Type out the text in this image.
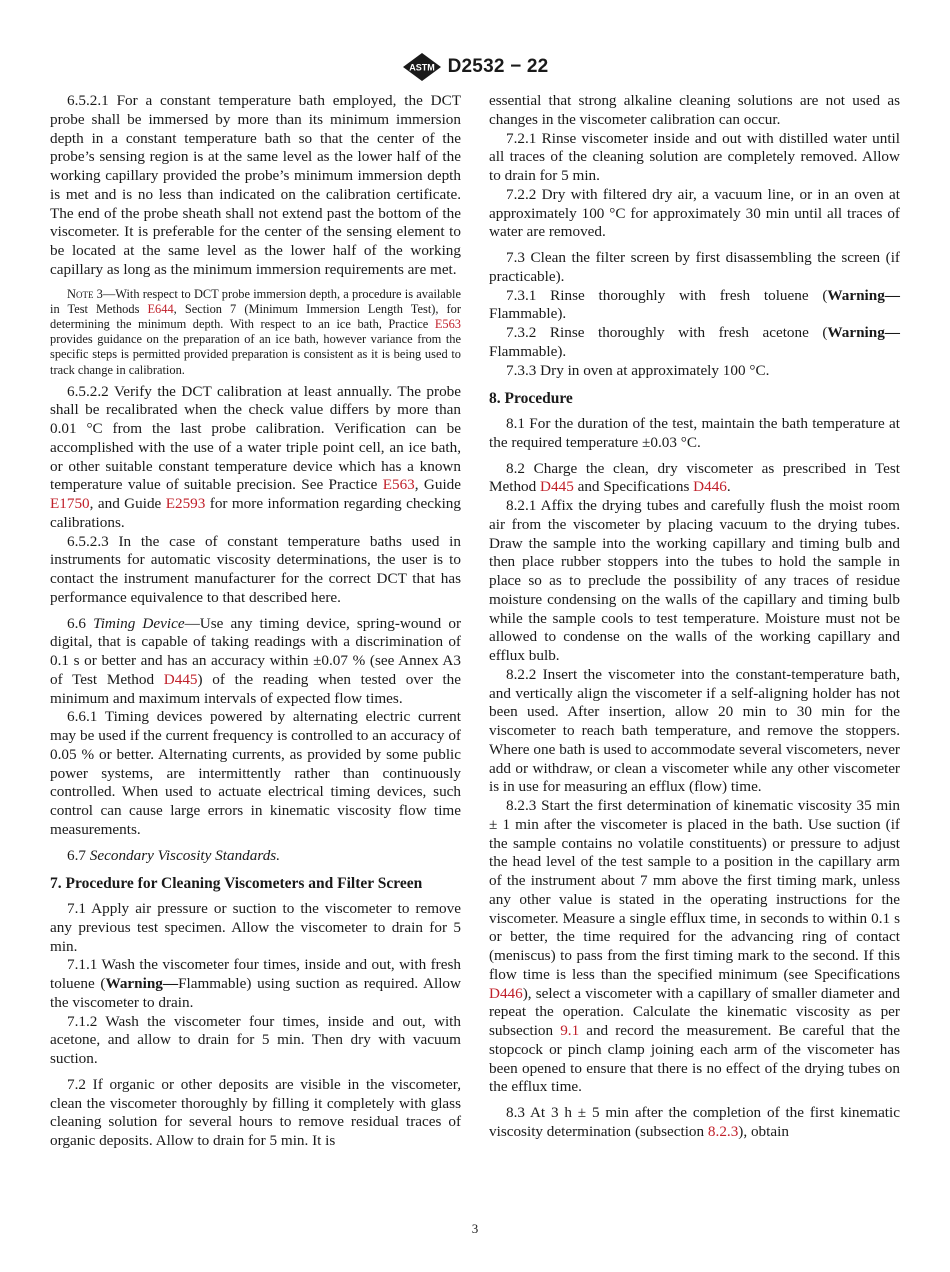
ASTM D2532 − 22

6.5.2.1 For a constant temperature bath employed, the DCT probe shall be immersed by more than its minimum immersion depth in a constant temperature bath so that the center of the probe’s sensing region is at the same level as the lower half of the working capillary provided the probe’s minimum immersion depth is met and is no less than indicated on the calibration certificate. The end of the probe sheath shall not extend past the bottom of the viscometer. It is preferable for the center of the sensing element to be located at the same level as the lower half of the working capillary as long as the minimum immersion requirements are met.

Note 3—With respect to DCT probe immersion depth, a procedure is available in Test Methods E644, Section 7 (Minimum Immersion Length Test), for determining the minimum depth. With respect to an ice bath, Practice E563 provides guidance on the preparation of an ice bath, however variance from the specific steps is permitted provided preparation is consistent as it is being used to track change in calibration.

6.5.2.2 Verify the DCT calibration at least annually. The probe shall be recalibrated when the check value differs by more than 0.01 °C from the last probe calibration. Verification can be accomplished with the use of a water triple point cell, an ice bath, or other suitable constant temperature device which has a known temperature value of suitable precision. See Practice E563, Guide E1750, and Guide E2593 for more information regarding checking calibrations.

6.5.2.3 In the case of constant temperature baths used in instruments for automatic viscosity determinations, the user is to contact the instrument manufacturer for the correct DCT that has performance equivalence to that described here.

6.6 Timing Device—Use any timing device, spring-wound or digital, that is capable of taking readings with a discrimination of 0.1 s or better and has an accuracy within ±0.07 % (see Annex A3 of Test Method D445) of the reading when tested over the minimum and maximum intervals of expected flow times.

6.6.1 Timing devices powered by alternating electric current may be used if the current frequency is controlled to an accuracy of 0.05 % or better. Alternating currents, as provided by some public power systems, are intermittently rather than continuously controlled. When used to actuate electrical timing devices, such control can cause large errors in kinematic viscosity flow time measurements.

6.7 Secondary Viscosity Standards.

7. Procedure for Cleaning Viscometers and Filter Screen

7.1 Apply air pressure or suction to the viscometer to remove any previous test specimen. Allow the viscometer to drain for 5 min.

7.1.1 Wash the viscometer four times, inside and out, with fresh toluene (Warning—Flammable) using suction as required. Allow the viscometer to drain.

7.1.2 Wash the viscometer four times, inside and out, with acetone, and allow to drain for 5 min. Then dry with vacuum suction.

7.2 If organic or other deposits are visible in the viscometer, clean the viscometer thoroughly by filling it completely with glass cleaning solution for several hours to remove residual traces of organic deposits. Allow to drain for 5 min. It is

essential that strong alkaline cleaning solutions are not used as changes in the viscometer calibration can occur.

7.2.1 Rinse viscometer inside and out with distilled water until all traces of the cleaning solution are completely removed. Allow to drain for 5 min.

7.2.2 Dry with filtered dry air, a vacuum line, or in an oven at approximately 100 °C for approximately 30 min until all traces of water are removed.

7.3 Clean the filter screen by first disassembling the screen (if practicable).

7.3.1 Rinse thoroughly with fresh toluene (Warning—Flammable).

7.3.2 Rinse thoroughly with fresh acetone (Warning—Flammable).

7.3.3 Dry in oven at approximately 100 °C.

8. Procedure

8.1 For the duration of the test, maintain the bath temperature at the required temperature ±0.03 °C.

8.2 Charge the clean, dry viscometer as prescribed in Test Method D445 and Specifications D446.

8.2.1 Affix the drying tubes and carefully flush the moist room air from the viscometer by placing vacuum to the drying tubes. Draw the sample into the working capillary and timing bulb and then place rubber stoppers into the tubes to hold the sample in place so as to preclude the possibility of any traces of residue moisture condensing on the walls of the capillary and timing bulb while the sample cools to test temperature. Moisture must not be allowed to condense on the walls of the working capillary and efflux bulb.

8.2.2 Insert the viscometer into the constant-temperature bath, and vertically align the viscometer if a self-aligning holder has not been used. After insertion, allow 20 min to 30 min for the viscometer to reach bath temperature, and remove the stoppers. Where one bath is used to accommodate several viscometers, never add or withdraw, or clean a viscometer while any other viscometer is in use for measuring an efflux (flow) time.

8.2.3 Start the first determination of kinematic viscosity 35 min ± 1 min after the viscometer is placed in the bath. Use suction (if the sample contains no volatile constituents) or pressure to adjust the head level of the test sample to a position in the capillary arm of the instrument about 7 mm above the first timing mark, unless any other value is stated in the operating instructions for the viscometer. Measure a single efflux time, in seconds to within 0.1 s or better, the time required for the advancing ring of contact (meniscus) to pass from the first timing mark to the second. If this flow time is less than the specified minimum (see Specifications D446), select a viscometer with a capillary of smaller diameter and repeat the operation. Calculate the kinematic viscosity as per subsection 9.1 and record the measurement. Be careful that the stopcock or pinch clamp joining each arm of the viscometer has been opened to ensure that there is no effect of the drying tubes on the efflux time.

8.3 At 3 h ± 5 min after the completion of the first kinematic viscosity determination (subsection 8.2.3), obtain

3
